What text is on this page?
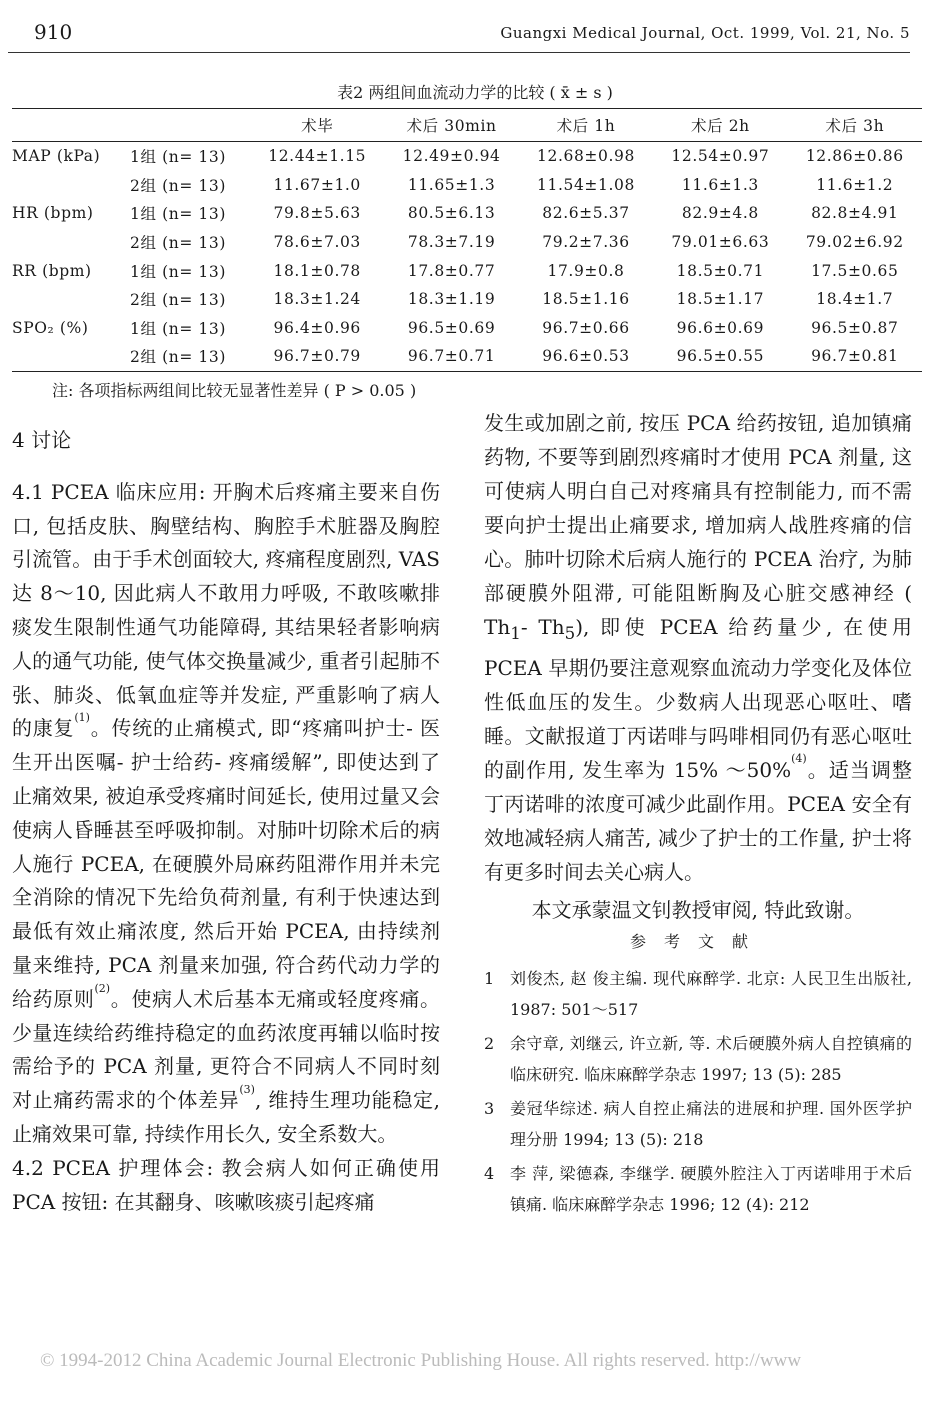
910	Guangxi Medical Journal, Oct. 1999, Vol. 21, No. 5
表2 两组间血流动力学的比较 ( x̄ ± s )
		术毕	术后 30min	术后 1h	术后 2h	术后 3h
MAP (kPa)	1组 (n= 13)	12.44±1.15	12.49±0.94	12.68±0.98	12.54±0.97	12.86±0.86
	2组 (n= 13)	11.67±1.0	11.65±1.3	11.54±1.08	11.6±1.3	11.6±1.2
HR (bpm)	1组 (n= 13)	79.8±5.63	80.5±6.13	82.6±5.37	82.9±4.8	82.8±4.91
	2组 (n= 13)	78.6±7.03	78.3±7.19	79.2±7.36	79.01±6.63	79.02±6.92
RR (bpm)	1组 (n= 13)	18.1±0.78	17.8±0.77	17.9±0.8	18.5±0.71	17.5±0.65
	2组 (n= 13)	18.3±1.24	18.3±1.19	18.5±1.16	18.5±1.17	18.4±1.7
SPO₂ (%)	1组 (n= 13)	96.4±0.96	96.5±0.69	96.7±0.66	96.6±0.69	96.5±0.87
	2组 (n= 13)	96.7±0.79	96.7±0.71	96.6±0.53	96.5±0.55	96.7±0.81
注: 各项指标两组间比较无显著性差异 ( P > 0.05 )

4 讨论

4.1 PCEA 临床应用: 开胸术后疼痛主要来自伤口, 包括皮肤、胸壁结构、胸腔手术脏器及胸腔引流管。由于手术创面较大, 疼痛程度剧烈, VAS 达 8～10, 因此病人不敢用力呼吸, 不敢咳嗽排痰发生限制性通气功能障碍, 其结果轻者影响病人的通气功能, 使气体交换量减少, 重者引起肺不张、肺炎、低氧血症等并发症, 严重影响了病人的康复$^{(1)}$。传统的止痛模式, 即“疼痛叫护士- 医生开出医嘱- 护士给药- 疼痛缓解”, 即使达到了止痛效果, 被迫承受疼痛时间延长, 使用过量又会使病人昏睡甚至呼吸抑制。对肺叶切除术后的病人施行 PCEA, 在硬膜外局麻药阻滞作用并未完全消除的情况下先给负荷剂量, 有利于快速达到最低有效止痛浓度, 然后开始 PCEA, 由持续剂量来维持, PCA 剂量来加强, 符合药代动力学的给药原则$^{(2)}$。使病人术后基本无痛或轻度疼痛。少量连续给药维持稳定的血药浓度再辅以临时按需给予的 PCA 剂量, 更符合不同病人不同时刻对止痛药需求的个体差异$^{(3)}$, 维持生理功能稳定, 止痛效果可靠, 持续作用长久, 安全系数大。

4.2 PCEA 护理体会: 教会病人如何正确使用 PCA 按钮: 在其翻身、咳嗽咳痰引起疼痛

发生或加剧之前, 按压 PCA 给药按钮, 追加镇痛药物, 不要等到剧烈疼痛时才使用 PCA 剂量, 这可使病人明白自己对疼痛具有控制能力, 而不需要向护士提出止痛要求, 增加病人战胜疼痛的信心。肺叶切除术后病人施行的 PCEA 治疗, 为肺部硬膜外阻滞, 可能阻断胸及心脏交感神经 ( $Th_1-$ $Th_5$), 即使 PCEA 给药量少, 在使用 PCEA 早期仍要注意观察血流动力学变化及体位性低血压的发生。少数病人出现恶心呕吐、嗜睡。文献报道丁丙诺啡与吗啡相同仍有恶心呕吐的副作用, 发生率为 15% ～50%$^{(4)}$。适当调整丁丙诺啡的浓度可减少此副作用。PCEA 安全有效地减轻病人痛苦, 减少了护士的工作量, 护士将有更多时间去关心病人。

本文承蒙温文钊教授审阅, 特此致谢。

参考文献

1 刘俊杰, 赵 俊主编. 现代麻醉学. 北京: 人民卫生出版社, 1987: 501～517
2 余守章, 刘继云, 许立新, 等. 术后硬膜外病人自控镇痛的临床研究. 临床麻醉学杂志 1997; 13 (5): 285
3 姜冠华综述. 病人自控止痛法的进展和护理. 国外医学护理分册 1994; 13 (5): 218
4 李 萍, 梁德森, 李继学. 硬膜外腔注入丁丙诺啡用于术后镇痛. 临床麻醉学杂志 1996; 12 (4): 212
© 1994-2012 China Academic Journal Electronic Publishing House. All rights reserved. http://www
